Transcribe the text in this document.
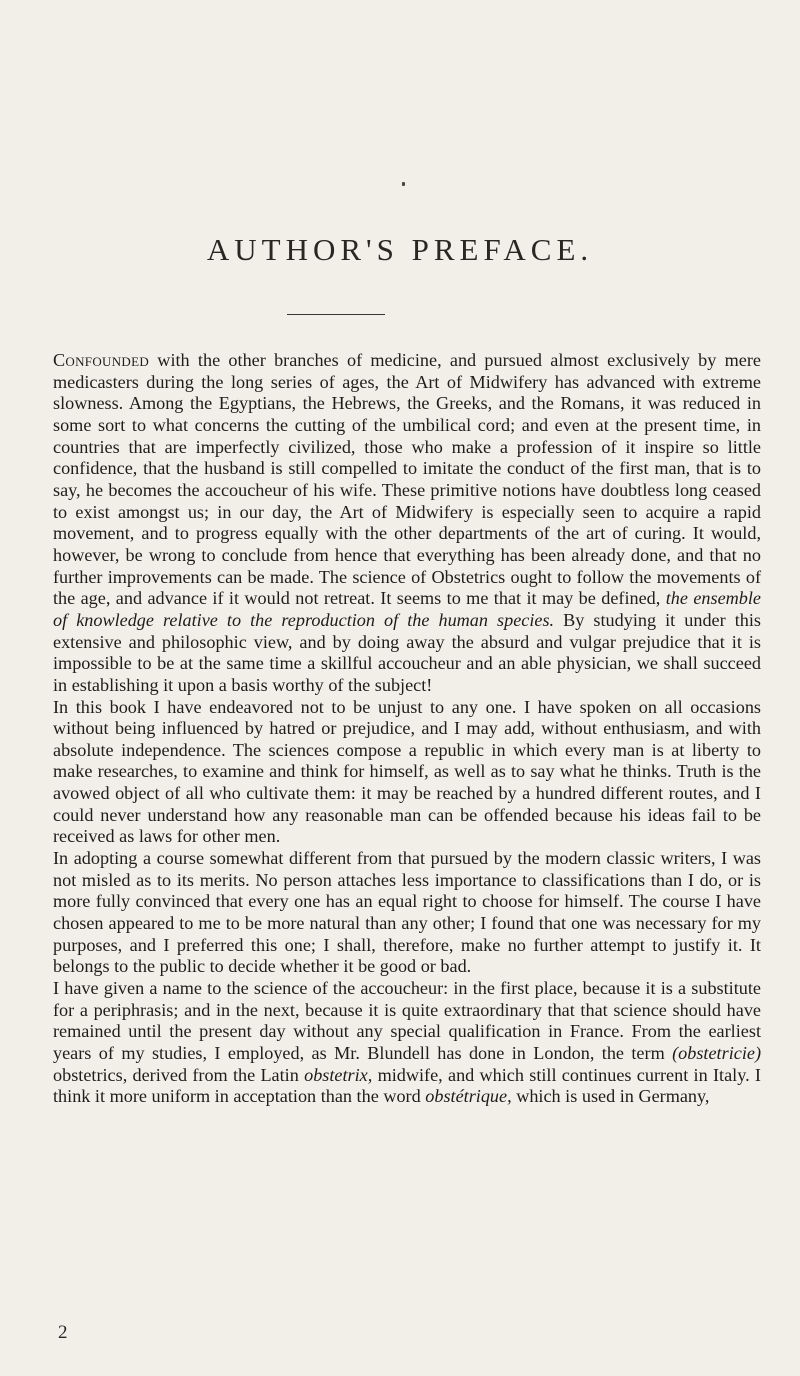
AUTHOR'S PREFACE.

Confounded with the other branches of medicine, and pursued almost exclusively by mere medicasters during the long series of ages, the Art of Midwifery has advanced with extreme slowness. Among the Egyptians, the Hebrews, the Greeks, and the Romans, it was reduced in some sort to what concerns the cutting of the umbilical cord; and even at the present time, in countries that are imperfectly civilized, those who make a profession of it inspire so little confidence, that the husband is still compelled to imitate the conduct of the first man, that is to say, he becomes the accoucheur of his wife. These primitive notions have doubtless long ceased to exist amongst us; in our day, the Art of Midwifery is especially seen to acquire a rapid movement, and to progress equally with the other departments of the art of curing. It would, however, be wrong to conclude from hence that everything has been already done, and that no further improvements can be made. The science of Obstetrics ought to follow the movements of the age, and advance if it would not retreat. It seems to me that it may be defined, the ensemble of knowledge relative to the reproduction of the human species. By studying it under this extensive and philosophic view, and by doing away the absurd and vulgar prejudice that it is impossible to be at the same time a skillful accoucheur and an able physician, we shall succeed in establishing it upon a basis worthy of the subject!

In this book I have endeavored not to be unjust to any one. I have spoken on all occasions without being influenced by hatred or prejudice, and I may add, without enthusiasm, and with absolute independence. The sciences compose a republic in which every man is at liberty to make researches, to examine and think for himself, as well as to say what he thinks. Truth is the avowed object of all who cultivate them: it may be reached by a hundred different routes, and I could never understand how any reasonable man can be offended because his ideas fail to be received as laws for other men.

In adopting a course somewhat different from that pursued by the modern classic writers, I was not misled as to its merits. No person attaches less importance to classifications than I do, or is more fully convinced that every one has an equal right to choose for himself. The course I have chosen appeared to me to be more natural than any other; I found that one was necessary for my purposes, and I preferred this one; I shall, therefore, make no further attempt to justify it. It belongs to the public to decide whether it be good or bad.

I have given a name to the science of the accoucheur: in the first place, because it is a substitute for a periphrasis; and in the next, because it is quite extraordinary that that science should have remained until the present day without any special qualification in France. From the earliest years of my studies, I employed, as Mr. Blundell has done in London, the term (obstetricie) obstetrics, derived from the Latin obstetrix, midwife, and which still continues current in Italy. I think it more uniform in acceptation than the word obstétrique, which is used in Germany,

2
